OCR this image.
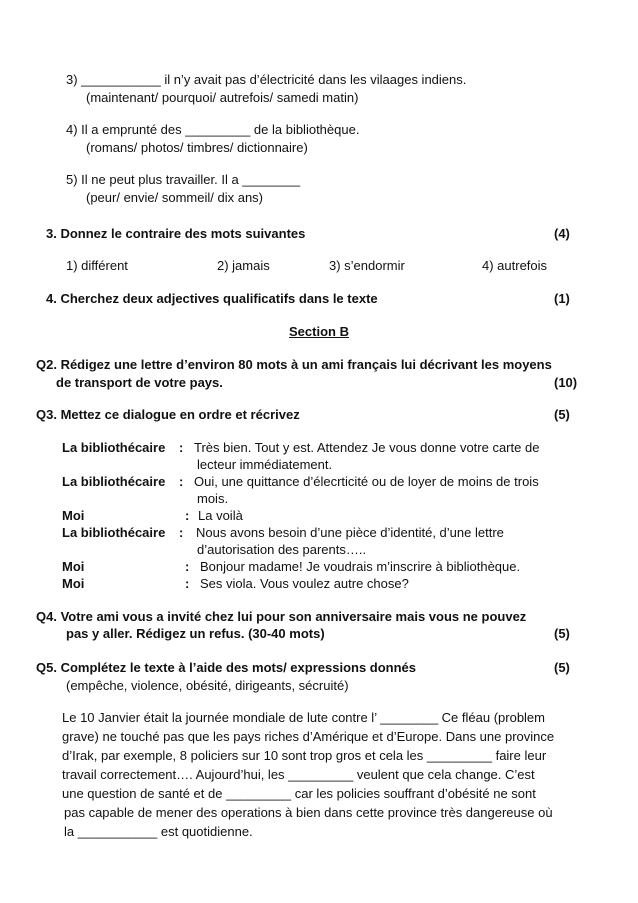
3) ___________ il n’y avait pas d’électricité dans les vilaages indiens.
(maintenant/ pourquoi/ autrefois/ samedi matin)
4) Il a emprunté des _________ de la bibliothèque.
(romans/ photos/ timbres/ dictionnaire)
5) Il ne peut plus travailler. Il a ________
(peur/ envie/ sommeil/ dix ans)
3. Donnez le contraire des mots suivantes	(4)
1) différent	2) jamais	3) s’endormir	4) autrefois
4. Cherchez deux adjectives qualificatifs dans le texte	(1)
Section B
Q2. Rédigez une lettre d’environ 80 mots à un ami français lui décrivant les moyens
de transport de votre pays.	(10)
Q3. Mettez ce dialogue en ordre et récrivez	(5)
La bibliothécaire : Très bien. Tout y est. Attendez Je vous donne votre carte de
lecteur immédiatement.
La bibliothécaire : Oui, une quittance d’élecrticité ou de loyer de moins de trois
mois.
Moi	: La voilà
La bibliothécaire : Nous avons besoin d’une pièce d’identité, d’une lettre
d’autorisation des parents…..
Moi	: Bonjour madame! Je voudrais m’inscrire à bibliothèque.
Moi	: Ses viola. Vous voulez autre chose?
Q4. Votre ami vous a invité chez lui pour son anniversaire mais vous ne pouvez
pas y aller. Rédigez un refus. (30-40 mots)	(5)
Q5. Complétez le texte à l’aide des mots/ expressions donnés	(5)
(empêche, violence, obésité, dirigeants, sécruité)
Le 10 Janvier était la journée mondiale de lute contre l’ ________ Ce fléau (problem
grave) ne touché pas que les pays riches d’Amérique et d’Europe. Dans une province
d’Irak, par exemple, 8 policiers sur 10 sont trop gros et cela les _________ faire leur
travail correctement…. Aujourd’hui, les _________ veulent que cela change. C’est
une question de santé et de _________ car les policies souffrant d’obésité ne sont
pas capable de mener des operations à bien dans cette province très dangereuse où
la ___________ est quotidienne.
